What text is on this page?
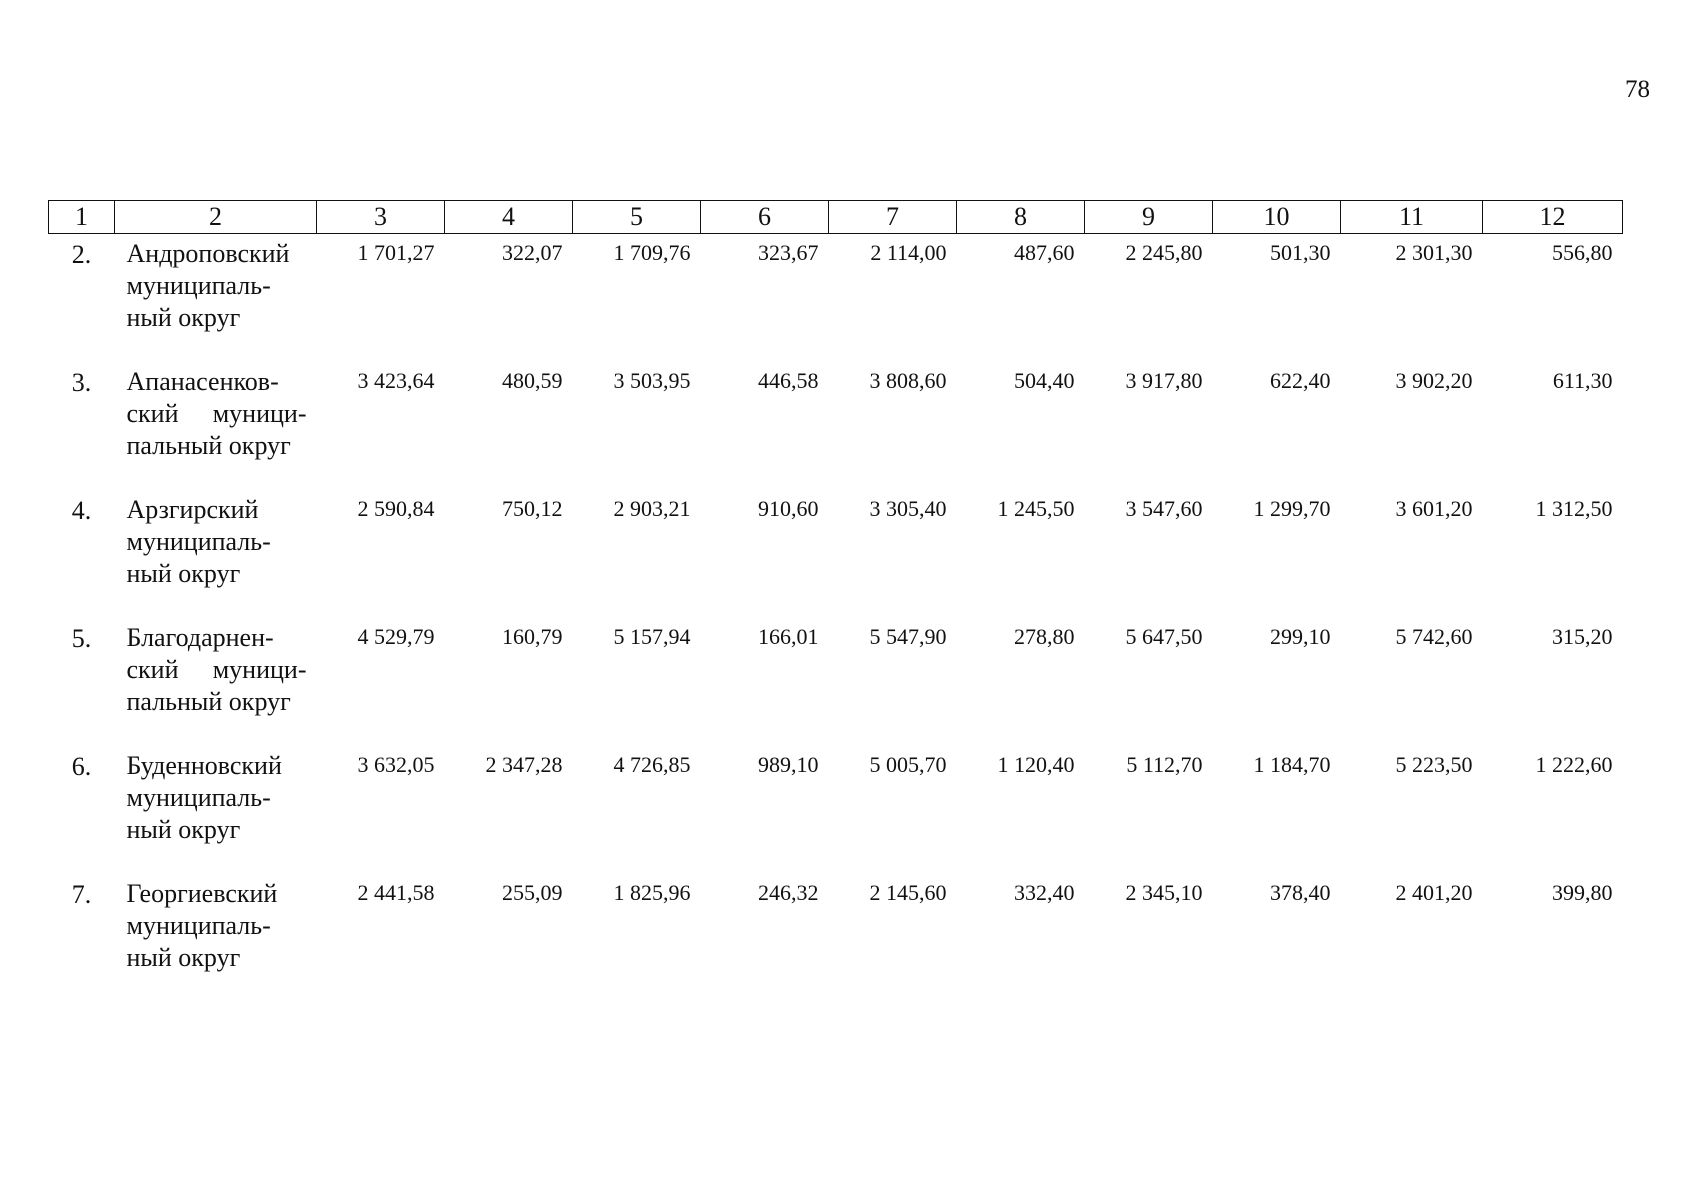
78
1	2	3	4	5	6	7	8	9	10	11	12
2.	Андроповский муниципаль-ный округ	1 701,27	322,07	1 709,76	323,67	2 114,00	487,60	2 245,80	501,30	2 301,30	556,80
3.	Апанасенков-ский муници-пальный округ	3 423,64	480,59	3 503,95	446,58	3 808,60	504,40	3 917,80	622,40	3 902,20	611,30
4.	Арзгирский муниципаль-ный округ	2 590,84	750,12	2 903,21	910,60	3 305,40	1 245,50	3 547,60	1 299,70	3 601,20	1 312,50
5.	Благодарнен-ский муници-пальный округ	4 529,79	160,79	5 157,94	166,01	5 547,90	278,80	5 647,50	299,10	5 742,60	315,20
6.	Буденновский муниципаль-ный округ	3 632,05	2 347,28	4 726,85	989,10	5 005,70	1 120,40	5 112,70	1 184,70	5 223,50	1 222,60
7.	Георгиевский муниципаль-ный округ	2 441,58	255,09	1 825,96	246,32	2 145,60	332,40	2 345,10	378,40	2 401,20	399,80
